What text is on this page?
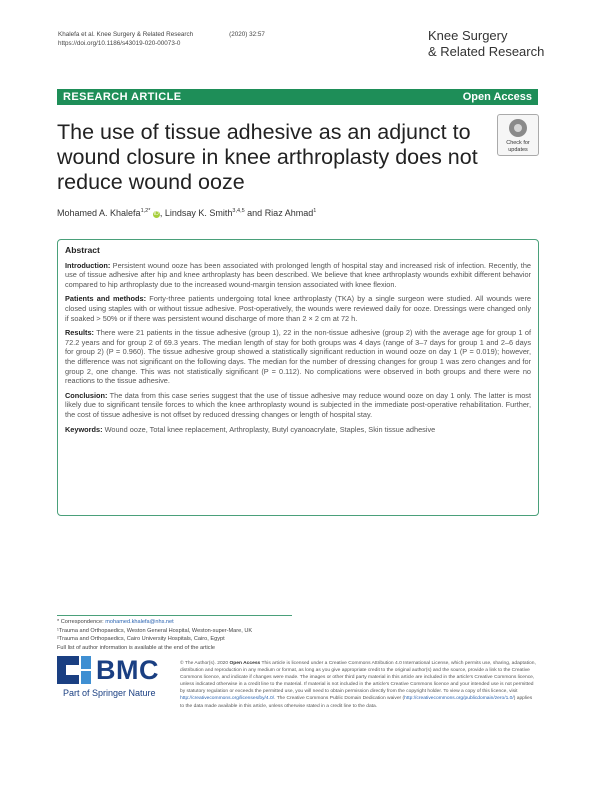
Khalefa et al. Knee Surgery & Related Research	(2020) 32:57
https://doi.org/10.1186/s43019-020-00073-0
Knee Surgery
& Related Research
RESEARCH ARTICLE	Open Access
The use of tissue adhesive as an adjunct to wound closure in knee arthroplasty does not reduce wound ooze
Check for
updates
Mohamed A. Khalefa$^{1,2*}$ iD, Lindsay K. Smith$^{3,4,5}$ and Riaz Ahmad$^1$
Abstract

Introduction: Persistent wound ooze has been associated with prolonged length of hospital stay and increased risk of infection. Recently, the use of tissue adhesive after hip and knee arthroplasty has been described. We believe that knee arthroplasty wounds exhibit different behavior compared to hip arthroplasty due to the increased wound-margin tension associated with knee flexion.

Patients and methods: Forty-three patients undergoing total knee arthroplasty (TKA) by a single surgeon were studied. All wounds were closed using staples with or without tissue adhesive. Post-operatively, the wounds were reviewed daily for ooze. Dressings were changed only if soaked > 50% or if there was persistent wound discharge of more than 2 × 2 cm at 72 h.

Results: There were 21 patients in the tissue adhesive (group 1), 22 in the non-tissue adhesive (group 2) with the average age for group 1 of 72.2 years and for group 2 of 69.3 years. The median length of stay for both groups was 4 days (range of 3–7 days for group 1 and 2–6 days for group 2) (P = 0.960). The tissue adhesive group showed a statistically significant reduction in wound ooze on day 1 (P = 0.019); however, the difference was not significant on the following days. The median for the number of dressing changes for group 1 was zero changes and for group 2, one change. This was not statistically significant (P = 0.112). No complications were observed in both groups and there were no reactions to the tissue adhesive.

Conclusion: The data from this case series suggest that the use of tissue adhesive may reduce wound ooze on day 1 only. The latter is most likely due to significant tensile forces to which the knee arthroplasty wound is subjected in the immediate post-operative rehabilitation. Further, the cost of tissue adhesive is not offset by reduced dressing changes or length of hospital stay.

Keywords: Wound ooze, Total knee replacement, Arthroplasty, Butyl cyanoacrylate, Staples, Skin tissue adhesive

* Correspondence: mohamed.khalefa@nhs.net
¹Trauma and Orthopaedics, Weston General Hospital, Weston-super-Mare, UK
²Trauma and Orthopaedics, Cairo University Hospitals, Cairo, Egypt
Full list of author information is available at the end of the article
BMC
Part of Springer Nature
© The Author(s). 2020 Open Access This article is licensed under a Creative Commons Attribution 4.0 International License, which permits use, sharing, adaptation, distribution and reproduction in any medium or format, as long as you give appropriate credit to the original author(s) and the source, provide a link to the Creative Commons licence, and indicate if changes were made. The images or other third party material in this article are included in the article's Creative Commons licence, unless indicated otherwise in a credit line to the material. If material is not included in the article's Creative Commons licence and your intended use is not permitted by statutory regulation or exceeds the permitted use, you will need to obtain permission directly from the copyright holder. To view a copy of this licence, visit http://creativecommons.org/licenses/by/4.0/. The Creative Commons Public Domain Dedication waiver (http://creativecommons.org/publicdomain/zero/1.0/) applies to the data made available in this article, unless otherwise stated in a credit line to the data.
